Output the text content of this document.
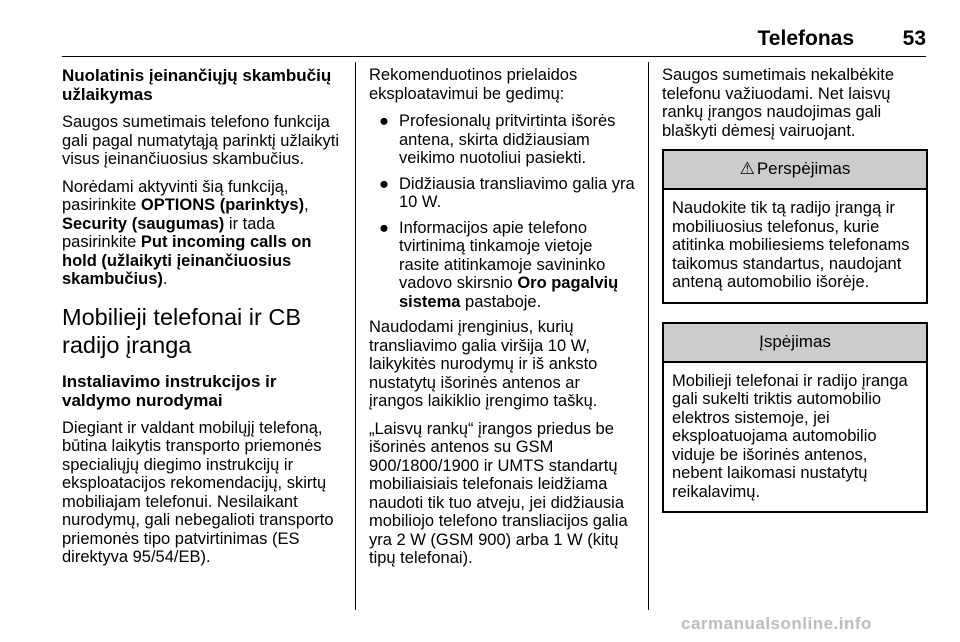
Telefonas 53
Nuolatinis įeinančiųjų skambučių užlaikymas

Saugos sumetimais telefono funkcija gali pagal numatytąją parinktį užlaikyti visus įeinančiuosius skambučius.

Norėdami aktyvinti šią funkciją, pasirinkite OPTIONS (parinktys), Security (saugumas) ir tada pasirinkite Put incoming calls on hold (užlaikyti įeinančiuosius skambučius).

Mobilieji telefonai ir CB radijo įranga
Instaliavimo instrukcijos ir valdymo nurodymai

Diegiant ir valdant mobilųjį telefoną, būtina laikytis transporto priemonės specialiųjų diegimo instrukcijų ir eksploatacijos rekomendacijų, skirtų mobiliajam telefonui. Nesilaikant nurodymų, gali nebegalioti transporto priemonės tipo patvirtinimas (ES direktyva 95/54/EB).

Rekomenduotinos prielaidos eksploatavimui be gedimų:

● Profesionalų pritvirtinta išorės antena, skirta didžiausiam veikimo nuotoliui pasiekti.
● Didžiausia transliavimo galia yra 10 W.
● Informacijos apie telefono tvirtinimą tinkamoje vietoje rasite atitinkamoje savininko vadovo skirsnio Oro pagalvių sistema pastaboje.

Naudodami įrenginius, kurių transliavimo galia viršija 10 W, laikykitės nurodymų ir iš anksto nustatytų išorinės antenos ar įrangos laikiklio įrengimo taškų.

„Laisvų rankų“ įrangos priedus be išorinės antenos su GSM 900/1800/1900 ir UMTS standartų mobiliaisiais telefonais leidžiama naudoti tik tuo atveju, jei didžiausia mobiliojo telefono transliacijos galia yra 2 W (GSM 900) arba 1 W (kitų tipų telefonai).

Saugos sumetimais nekalbėkite telefonu važiuodami. Net laisvų rankų įrangos naudojimas gali blaškyti dėmesį vairuojant.

⚠ Perspėjimas
Naudokite tik tą radijo įrangą ir mobiliuosius telefonus, kurie atitinka mobiliesiems telefonams taikomus standartus, naudojant anteną automobilio išorėje.
Įspėjimas
Mobilieji telefonai ir radijo įranga gali sukelti triktis automobilio elektros sistemoje, jei eksploatuojama automobilio viduje be išorinės antenos, nebent laikomasi nustatytų reikalavimų.
carmanualsonline.info
